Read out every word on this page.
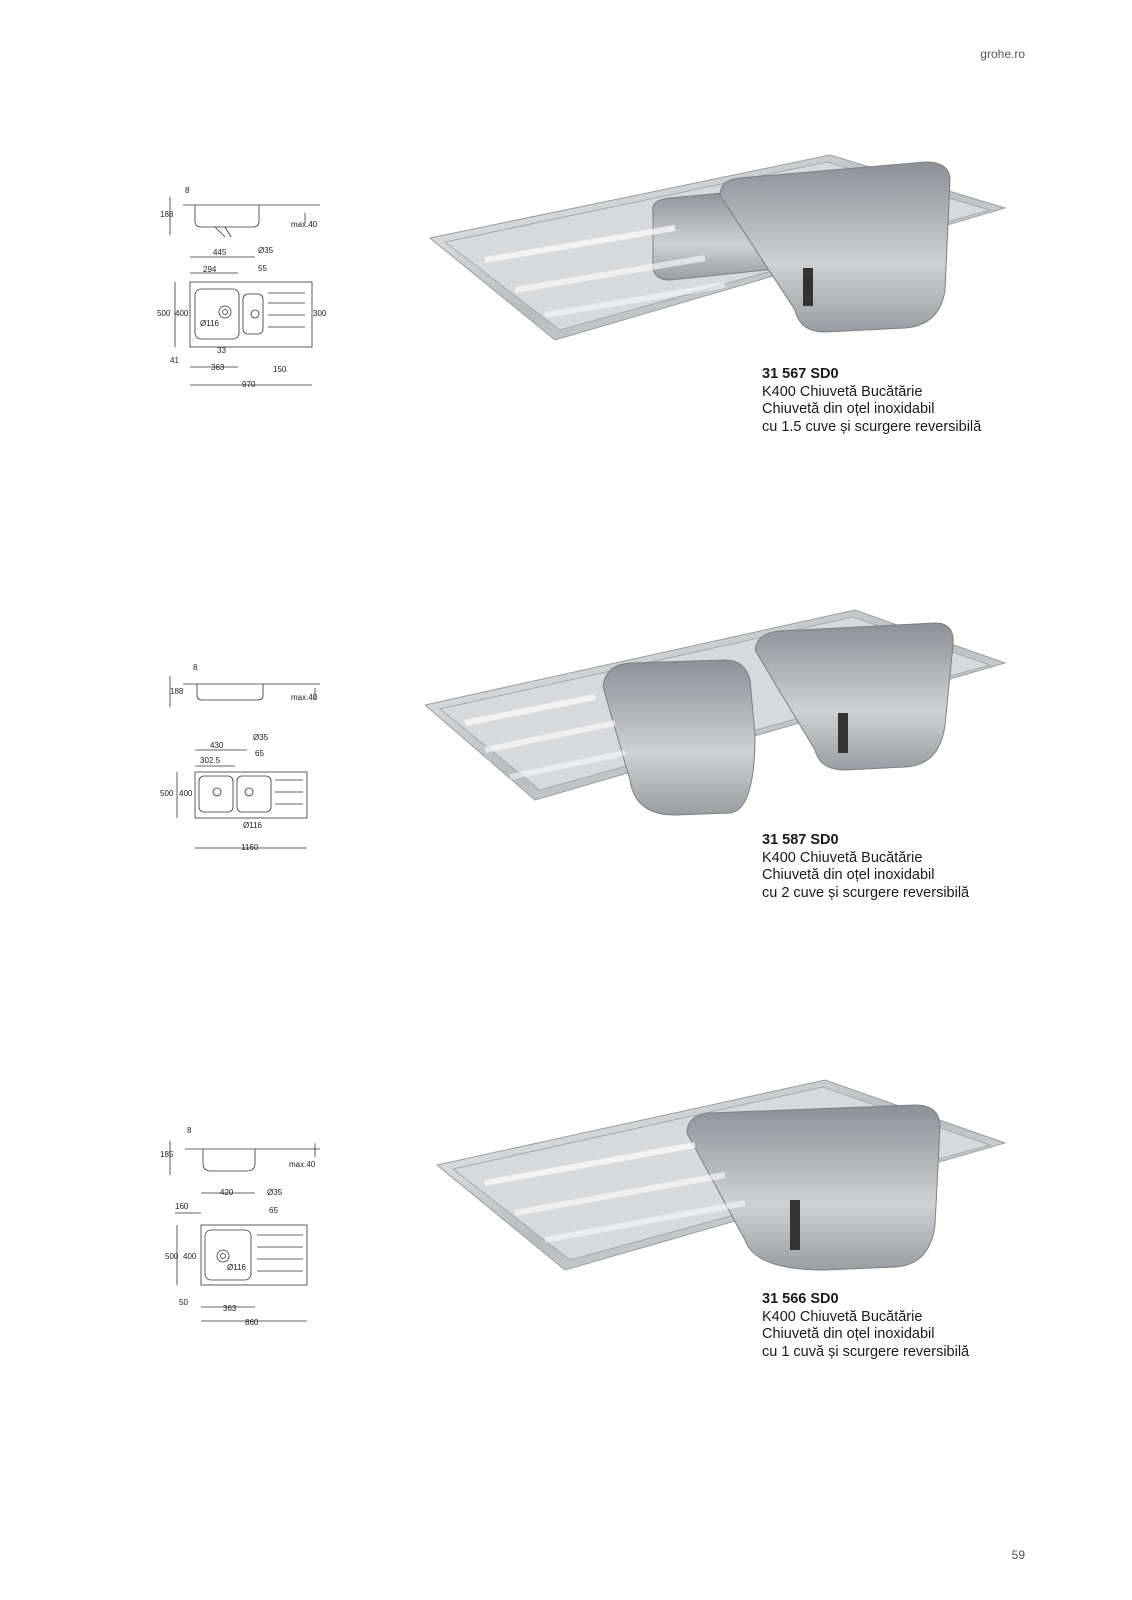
grohe.ro
8
188
max.40
445
294
Ø35
55
500 400	300
Ø116
41
33
363	150
970
31 567 SD0
K400 Chiuvetă Bucătărie
Chiuvetă din oțel inoxidabil
cu 1.5 cuve și scurgere reversibilă
8
188
max.40
430
302.5
Ø35
65
500 400
Ø116
1160	31 587 SD0
K400 Chiuvetă Bucătărie
Chiuvetă din oțel inoxidabil
cu 2 cuve și scurgere reversibilă
8
185
max.40
420
160
Ø35
65
500 400
Ø116
50
363
860
31 566 SD0
K400 Chiuvetă Bucătărie
Chiuvetă din oțel inoxidabil
cu 1 cuvă și scurgere reversibilă
59
